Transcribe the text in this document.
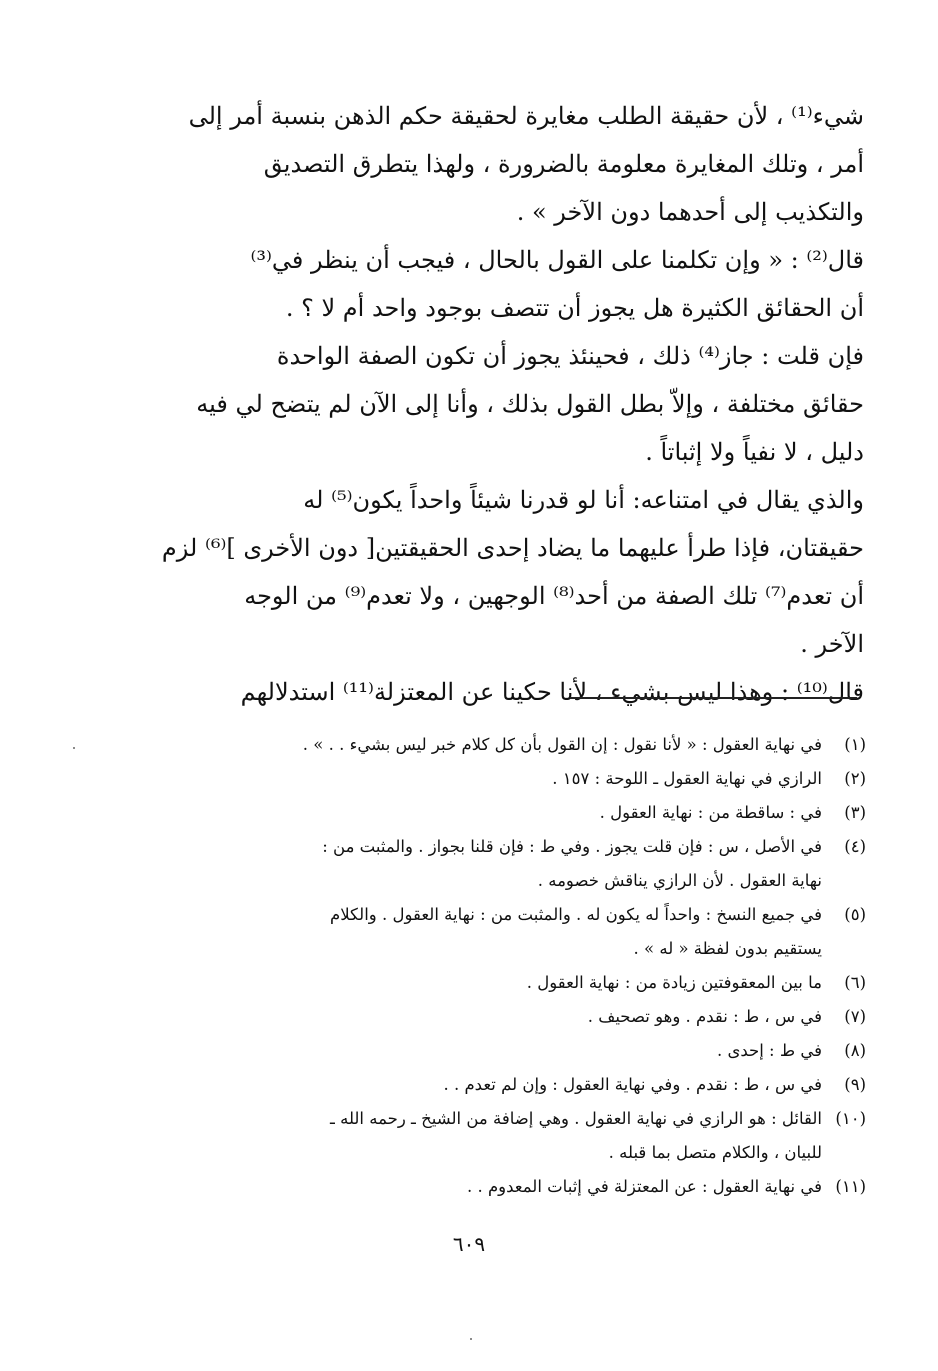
شيء⁽¹⁾ ، لأن حقيقة الطلب مغايرة لحقيقة حكم الذهن بنسبة أمر إلى
أمر ، وتلك المغايرة معلومة بالضرورة ، ولهذا يتطرق التصديق
والتكذيب إلى أحدهما دون الآخر » .
قال⁽²⁾ : « وإن تكلمنا على القول بالحال ، فيجب أن ينظر في⁽³⁾
أن الحقائق الكثيرة هل يجوز أن تتصف بوجود واحد أم لا ؟ .
فإن قلت : جاز⁽⁴⁾ ذلك ، فحينئذ يجوز أن تكون الصفة الواحدة
حقائق مختلفة ، وإلاّ بطل القول بذلك ، وأنا إلى الآن لم يتضح لي فيه
دليل ، لا نفياً ولا إثباتاً .
والذي يقال في امتناعه: أنا لو قدرنا شيئاً واحداً يكون⁽⁵⁾ له
حقيقتان، فإذا طرأ عليهما ما يضاد إحدى الحقيقتين[ دون الأخرى ]⁽⁶⁾ لزم
أن تعدم⁽⁷⁾ تلك الصفة من أحد⁽⁸⁾ الوجهين ، ولا تعدم⁽⁹⁾ من الوجه
الآخر .
قال⁽¹⁰⁾ : وهذا ليس بشيء ، لأنا حكينا عن المعتزلة⁽¹¹⁾ استدلالهم
(١)
في نهاية العقول : « لأنا نقول : إن القول بأن كل كلام خبر ليس بشيء . . » .
(٢)
الرازي في نهاية العقول ـ اللوحة : ١٥٧ .
(٣)
في : ساقطة من : نهاية العقول .
(٤)
في الأصل ، س : فإن قلت يجوز . وفي ط : فإن قلنا بجواز . والمثبت من :
نهاية العقول . لأن الرازي يناقش خصومه .
(٥)
في جميع النسخ : واحداً له يكون له . والمثبت من : نهاية العقول . والكلام
يستقيم بدون لفظة « له » .
(٦)
ما بين المعقوفتين زيادة من : نهاية العقول .
(٧)
في س ، ط : نقدم . وهو تصحيف .
(٨)
في ط : إحدى .
(٩)
في س ، ط : نقدم . وفي نهاية العقول : وإن لم تعدم . .
(١٠)
القائل : هو الرازي في نهاية العقول . وهي إضافة من الشيخ ـ رحمه الله ـ
للبيان ، والكلام متصل بما قبله .
(١١)
في نهاية العقول : عن المعتزلة في إثبات المعدوم . .
٦٠٩
